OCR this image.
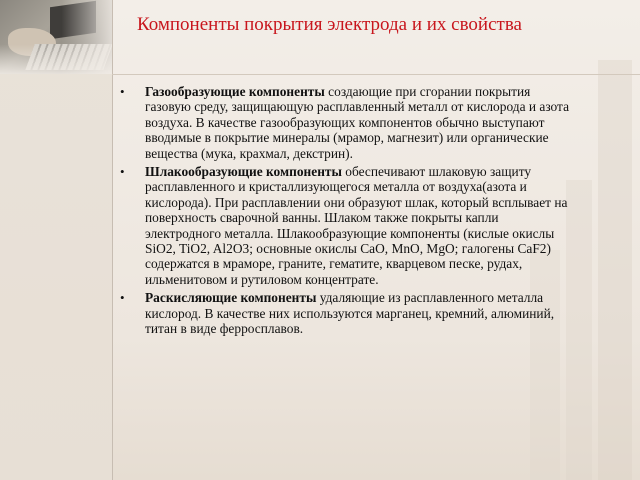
Компоненты покрытия электрода и их свойства
• Газообразующие компоненты создающие при сгорании покрытия газовую среду, защищающую расплавленный металл от кислорода и азота воздуха. В качестве газообразующих компонентов обычно выступают вводимые в покрытие минералы (мрамор, магнезит) или органические вещества (мука, крахмал, декстрин).
• Шлакообразующие компоненты обеспечивают шлаковую защиту расплавленного и кристаллизующегося металла от воздуха(азота и кислорода). При расплавлении они образуют шлак, который всплывает на поверхность сварочной ванны. Шлаком также покрыты капли электродного металла. Шлакообразующие компоненты (кислые окислы SiO2, TiO2, Al2O3; основные окислы CaO, MnO, MgO; галогены CaF2) содержатся в мраморе, граните, гематите, кварцевом песке, рудах, ильменитовом и рутиловом концентрате.
• Раскисляющие компоненты удаляющие из расплавленного металла кислород. В качестве них используются марганец, кремний, алюминий, титан в виде ферросплавов.
